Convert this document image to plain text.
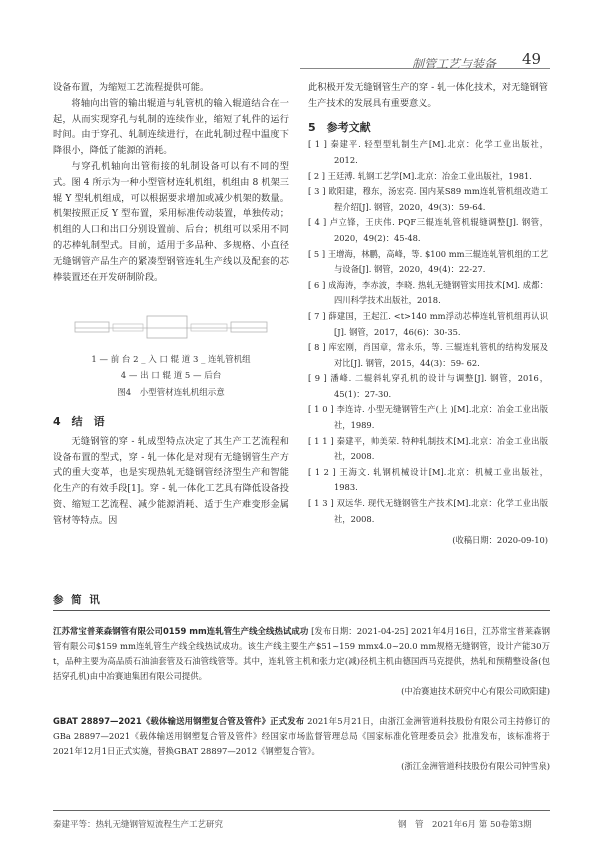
制管工艺与装备 49

设备布置，为缩短工艺流程提供可能。

将轴向出管的输出辊道与轧管机的输入辊道结合在一起，从而实现穿孔与轧制的连续作业，缩短了轧件的运行时间。由于穿孔、轧制连续进行，在此轧制过程中温度下降很小，降低了能源的消耗。

与穿孔机轴向出管衔接的轧制设备可以有不同的型式。图 4 所示为一种小型管材连轧机组，机组由 8 机架三辊 Y 型轧机组成，可以根据要求增加或减少机架的数量。机架按照正反 Y 型布置，采用标准传动装置，单独传动；机组的人口和出口分别设置前、后台；机组可以采用不同的芯棒轧制型式。目前，适用于多品种、多规格、小直径无缝钢管产品生产的紧凑型钢管连轧生产线以及配套的芯棒装置还在开发研制阶段。

1 — 前 台 2 _ 入 口 辊 道 3 _ 连轧管机组
4 — 出 口 辊 道 5 — 后台
图4　小型管材连轧机组示意

4　结　语

无缝钢管的穿 - 轧成型特点决定了其生产工艺流程和设备布置的型式，穿 - 轧一体化是对现有无缝钢管生产方式的重大变革，也是实现热轧无缝钢管经济型生产和智能化生产的有效手段[1]。穿 - 轧一体化工艺具有降低设备投资、缩短工艺流程、减少能源消耗、适于生产难变形金属管材等特点。因

此积极开发无缝钢管生产的穿 - 轧一体化技术，对无缝钢管生产技术的发展具有重要意义。

5　参考文献

[ 1 ] 秦建平. 轻型型轧制生产[M].北京：化学工业出版社，2012.
[ 2 ] 王廷溥. 轧钢工艺学[M].北京：冶金工业出版社，1981.
[ 3 ] 欧阳建，穆东，汤宏亮. 国内某S89 mm连轧管机组改造工程介绍[J]. 钢管，2020，49(3)：59-64.
[ 4 ] 卢立锋，王庆伟. PQF三辊连轧管机辊缝调整[J]. 钢管，2020，49(2)：45-48.
[ 5 ] 王增海，林鹏，高峰，等. $100 mm三辊连轧管机组的工艺与设备[J]. 钢管，2020，49(4)：22-27.
[ 6 ] 成海涛，李赤波，李晓. 热轧无缝钢管实用技术[M]. 成都：四川科学技术出版社，2018.
[ 7 ] 薛建国，王起江. <t>140 mm浮动芯棒连轧管机组再认识[J]. 钢管，2017，46(6)：30-35.
[ 8 ] 库宏刚，肖国章，常永乐，等. 三辊连轧管机的结构发展及对比[J]. 钢管，2015，44(3)：59- 62.
[ 9 ] 潘峰. 二辊斜轧穿孔机的设计与调整[J]. 钢管，2016，45(1)：27-30.
[ 1 0 ] 李连诗. 小型无缝钢管生产(上 )[M].北京：冶金工业出版社，1989.
[ 1 1 ] 秦建平，帅美荣. 特种轧制技术[M].北京：冶金工业出版社，2008.
[ 1 2 ] 王海文. 轧钢机械设计[M].北京：机械工业出版社，1983.
[ 1 3 ] 双远华. 现代无缝钢管生产技术[M].北京：化学工业出版社，2008.
(收稿日期：2020-09-10)
参 简 讯

江苏常宝普莱森钢管有限公司0159 mm连轧管生产线全线热试成功 [发布日期：2021-04-25] 2021年4月16日，江苏常宝普莱森钢管有限公司$159 mm连轧管生产线全线热试成功。该生产线主要生产$51~159 mmx4.0~20.0 mm规格无缝钢管，设计产能30万t，品种主要为高品质石油油套管及石油管线管等。其中，连轧管主机和张力定(减)径机主机由德国西马克提供，热轧和预精整设备(包括穿孔机)由中冶赛迪集团有限公司提供。

(中冶赛迪技术研究中心有限公司欧阳建)

GBAT 28897—2021《载体输送用钢塑复合管及管件》正式发布 2021年5月21日，由浙江金洲管道科技股份有限公司主持修订的GBa 28897—2021《载体输送用钢塑复合管及管件》经国家市场监督管理总局《国家标准化管理委员会》批准发布，该标准将于2021年12月1日正式实施，替换GBAT 28897—2012《钢塑复合管》。

(浙江金洲管道科技股份有限公司钟雪泉)

秦建平等：热轧无缝钢管短流程生产工艺研究	钢　管　2021年6月 第 50卷第3期
